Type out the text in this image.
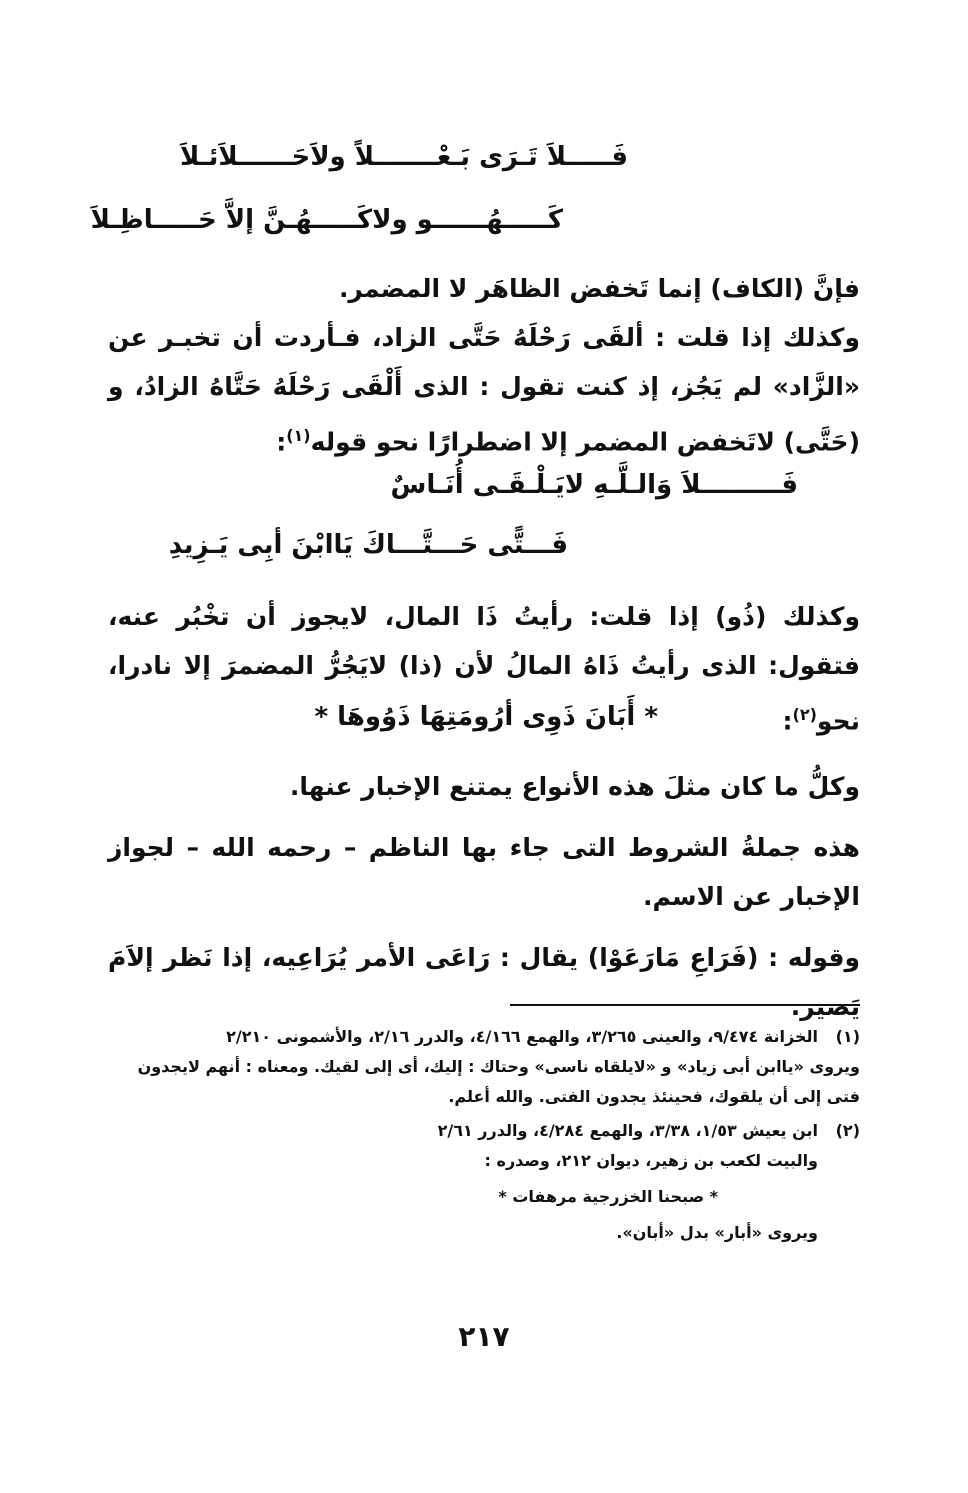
فَـــــلاَ تَـرَى بَـعْـــــــلاً ولاَحَــــــلاَئـلاَ
كَـــــهُــــــو ولاكَـــــهُـنَّ إلاَّ حَـــــاظِـلاَ

فإنَّ (الكاف) إنما تَخفض الظاهَر لا المضمر.

وكذلك إذا قلت : ألقَى رَحْلَهُ حَتَّى الزاد، فـأردت أن تخبـر عن «الزَّاد» لم يَجُز، إذ كنت تقول : الذى أَلْقَى رَحْلَهُ حَتَّاهُ الزادُ، و (حَتَّى) لاتَخفض المضمر إلا اضطرارًا نحو قوله$^{(١)}$:

فَـــــــــلاَ وَالـلَّـهِ لايَـلْـقَـى أُنَـاسٌ
فَـــتًّى حَـــتَّـــاكَ يَاابْنَ أبِى يَـزِيدِ

وكذلك (ذُو) إذا قلت: رأيتُ ذَا المال، لايجوز أن تخْبُر عنه، فتقول: الذى رأيتُ ذَاهُ المالُ لأن (ذا) لايَجُرُّ المضمرَ إلا نادرا، نحو$^{(٢)}$:

* أَبَانَ ذَوِى أرُومَتِهَا ذَوُوهَا *

وكلُّ ما كان مثلَ هذه الأنواع يمتنع الإخبار عنها.

هذه جملةُ الشروط التى جاء بها الناظم – رحمه الله – لجواز الإخبار عن الاسم.

وقوله : (فَرَاعِ مَارَعَوْا) يقال : رَاعَى الأمر يُرَاعِيه، إذا نَظر إلاَمَ يَصير.

(١)
الخزانة ٩/٤٧٤، والعينى ٣/٢٦٥، والهمع ٤/١٦٦، والدرر ٢/١٦، والأشمونى ٢/٢١٠
ويروى «ياابن أبى زياد» و «لايلقاه ناسى» وحتاك : إليك، أى إلى لقيك. ومعناه : أنهم لايجدون
فتى إلى أن يلقوك، فحينئذ يجدون الفتى. والله أعلم.
(٢)
ابن يعيش ١/٥٣، ٣/٣٨، والهمع ٤/٢٨٤، والدرر ٢/٦١
والبيت لكعب بن زهير، ديوان ٢١٢، وصدره :
* صبحنا الخزرجية مرهفات *
ويروى «أبار» بدل «أبان».
٢١٧
